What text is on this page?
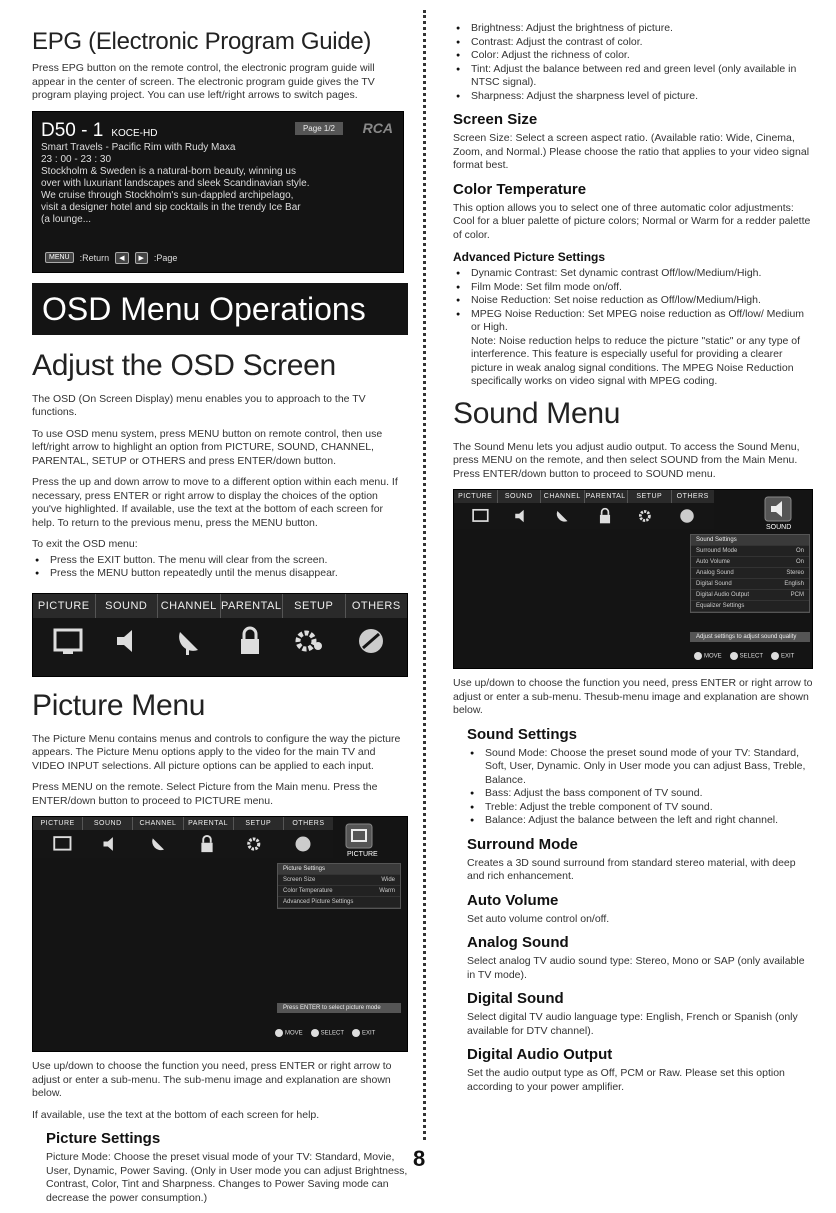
EPG (Electronic Program Guide)

Press EPG button on the remote control, the electronic program guide will appear in the center of screen. The electronic program guide gives the TV program playing project. You can use left/right arrows to switch pages.

Page 1/2	RCA
D50 - 1 KOCE-HD
Smart Travels - Pacific Rim with Rudy Maxa
23 : 00 - 23 : 30
Stockholm & Sweden is a natural-born beauty, winning us over with luxuriant landscapes and sleek Scandinavian style. We cruise through Stockholm's sun-dappled archipelago, visit a designer hotel and sip cocktails in the trendy Ice Bar (a lounge...
MENU	:Return	◀	▶	:Page
OSD Menu Operations
Adjust the OSD Screen

The OSD (On Screen Display) menu enables you to approach to the TV functions.

To use OSD menu system, press MENU button on remote control, then use left/right arrow to highlight an option from PICTURE, SOUND, CHANNEL, PARENTAL, SETUP or OTHERS and press ENTER/down button.

Press the up and down arrow to move to a different option within each menu. If necessary, press ENTER or right arrow to display the choices of the option you've highlighted. If available, use the text at the bottom of each screen for help. To return to the previous menu, press the MENU button.

To exit the OSD menu:

● Press the EXIT button. The menu will clear from the screen.
● Press the MENU button repeatedly until the menus disappear.
PICTURE	SOUND	CHANNEL PARENTAL	SETUP	OTHERS
Picture Menu

The Picture Menu contains menus and controls to configure the way the picture appears. The Picture Menu options apply to the video for the main TV and VIDEO INPUT selections. All picture options can be applied to each input.

Press MENU on the remote. Select Picture from the Main menu. Press the ENTER/down button to proceed to PICTURE menu.

PICTURE	SOUND	CHANNEL	PARENTAL	SETUP	OTHERS
PICTURE
Picture Settings
Screen Size	Wide
Color Temperature	Warm
Advanced Picture Settings
Press ENTER to select picture mode
MOVE	SELECT	EXIT

Use up/down to choose the function you need, press ENTER or right arrow to adjust or enter a sub-menu. The sub-menu image and explanation are shown below.

If available, use the text at the bottom of each screen for help.

Picture Settings

Picture Mode: Choose the preset visual mode of your TV: Standard, Movie, User, Dynamic, Power Saving. (Only in User mode you can adjust Brightness, Contrast, Color, Tint and Sharpness. Changes to Power Saving mode can decrease the power consumption.)

● Brightness: Adjust the brightness of picture.
● Contrast: Adjust the contrast of color.
● Color: Adjust the richness of color.
● Tint: Adjust the balance between red and green level (only available in NTSC signal).
● Sharpness: Adjust the sharpness level of picture.
Screen Size

Screen Size: Select a screen aspect ratio. (Available ratio: Wide, Cinema, Zoom, and Normal.) Please choose the ratio that applies to your video signal format best.

Color Temperature

This option allows you to select one of three automatic color adjustments: Cool for a bluer palette of picture colors; Normal or Warm for a redder palette of color.

Advanced Picture Settings
● Dynamic Contrast: Set dynamic contrast Off/low/Medium/High.
● Film Mode: Set film mode on/off.
● Noise Reduction: Set noise reduction as Off/low/Medium/High.
● MPEG Noise Reduction: Set MPEG noise reduction as Off/low/ Medium or High.

Note: Noise reduction helps to reduce the picture "static" or any type of interference. This feature is especially useful for providing a clearer picture in weak analog signal conditions. The MPEG Noise Reduction specifically works on video signal with MPEG coding.

Sound Menu

The Sound Menu lets you adjust audio output. To access the Sound Menu, press MENU on the remote, and then select SOUND from the Main Menu. Press ENTER/down button to proceed to SOUND menu.

PICTURE	SOUND	CHANNEL PARENTAL	SETUP	OTHERS
SOUND
Sound Settings
Surround Mode	On
Auto Volume	On
Analog Sound	Stereo
Digital Sound	English
Digital Audio Output	PCM
Equalizer Settings
Adjust settings to adjust sound quality
MOVE	SELECT	EXIT

Use up/down to choose the function you need, press ENTER or right arrow to adjust or enter a sub-menu. Thesub-menu image and explanation are shown below.

Sound Settings
● Sound Mode: Choose the preset sound mode of your TV: Standard, Soft, User, Dynamic. Only in User mode you can adjust Bass, Treble, Balance.
● Bass: Adjust the bass component of TV sound.
● Treble: Adjust the treble component of TV sound.
● Balance: Adjust the balance between the left and right channel.
Surround Mode

Creates a 3D sound surround from standard stereo material, with deep and rich enhancement.

Auto Volume

Set auto volume control on/off.

Analog Sound

Select analog TV audio sound type: Stereo, Mono or SAP (only available in TV mode).

Digital Sound

Select digital TV audio language type: English, French or Spanish (only available for DTV channel).

Digital Audio Output

Set the audio output type as Off, PCM or Raw. Please set this option according to your power amplifier.

8
